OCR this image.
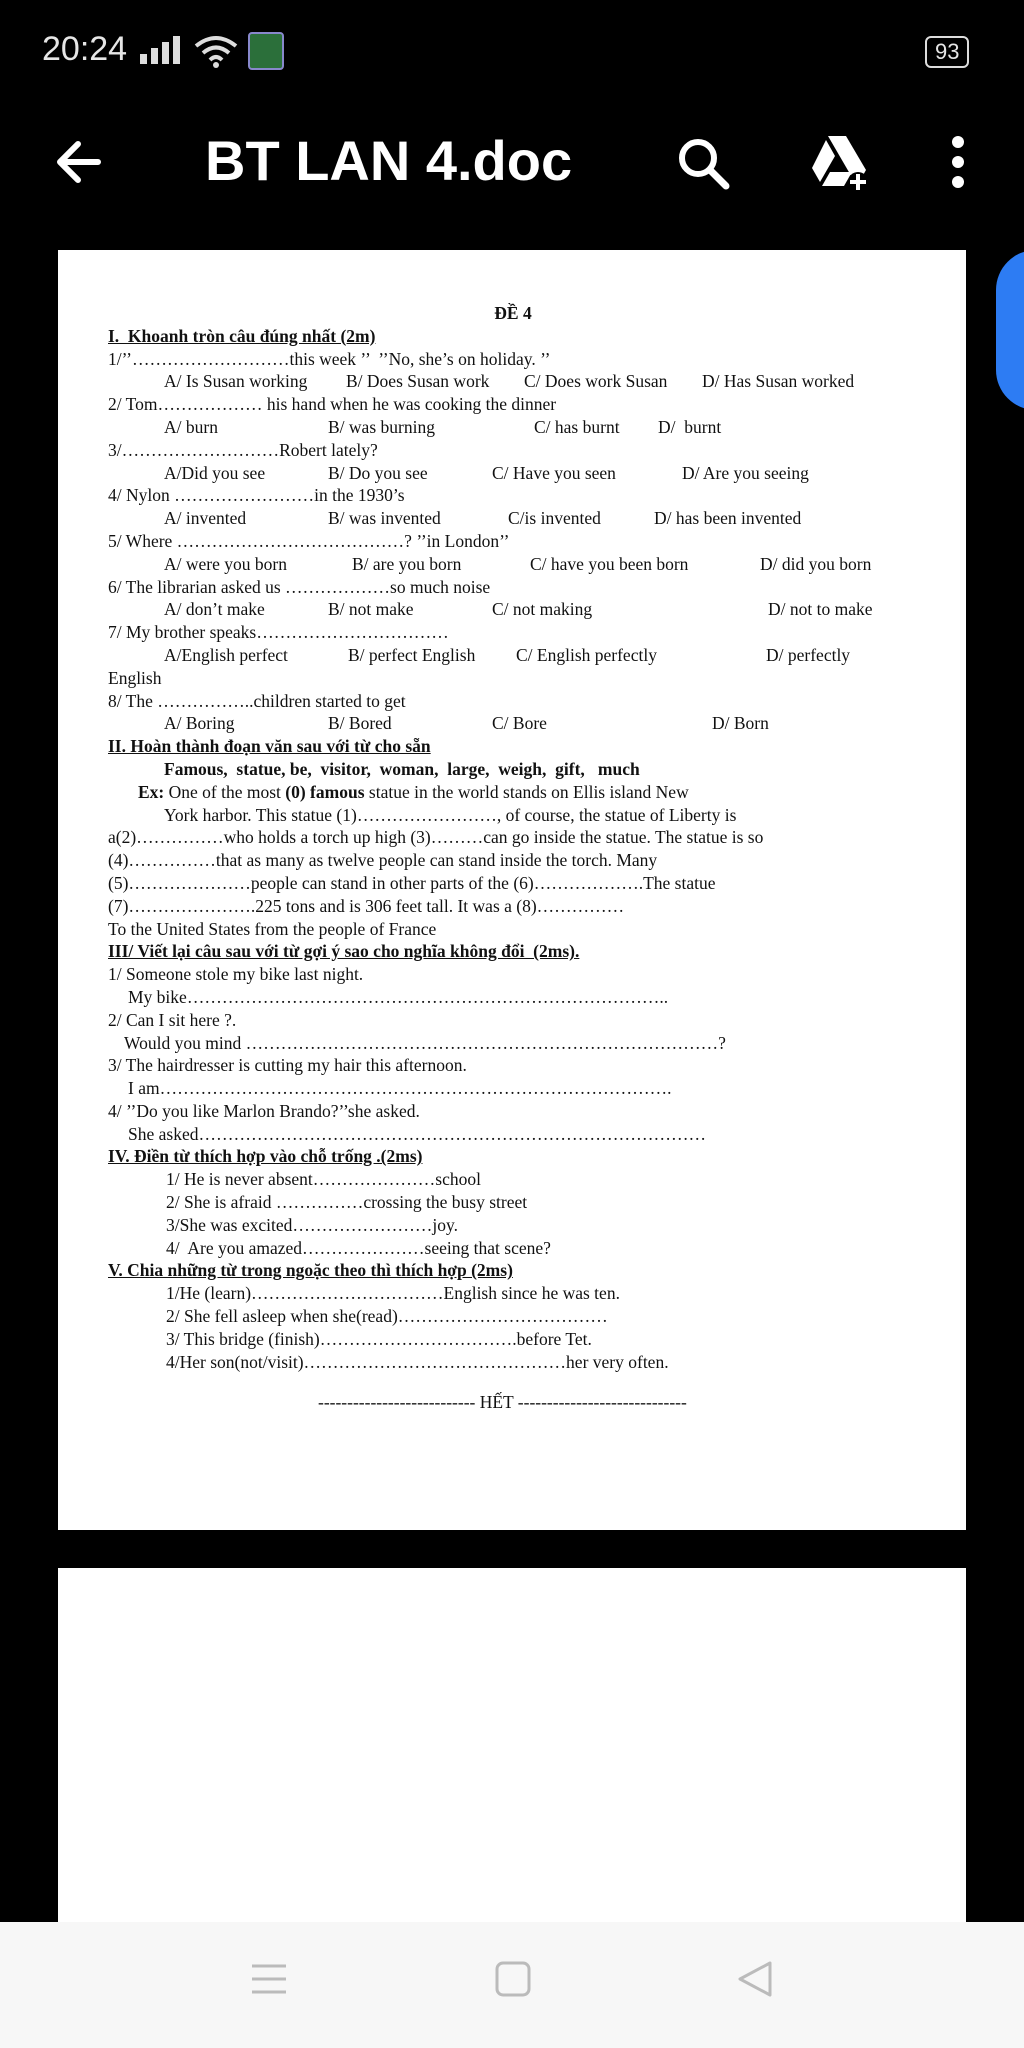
20:24	93
BT LAN 4.doc

ĐỀ 4

I.  Khoanh tròn câu đúng nhất (2m)

1/’’………………………this week ’’  ’’No, she’s on holiday. ’’

A/ Is Susan working	B/ Does Susan work	C/ Does work Susan	D/ Has Susan worked

2/ Tom……………… his hand when he was cooking the dinner

A/ burn	B/ was burning	C/ has burnt	D/  burnt

3/………………………Robert lately?

A/Did you see	B/ Do you see	C/ Have you seen	D/ Are you seeing

4/ Nylon ……………………in the 1930’s

A/ invented	B/ was invented	C/is invented	D/ has been invented

5/ Where …………………………………? ’’in London’’

A/ were you born	B/ are you born	C/ have you been born	D/ did you born

6/ The librarian asked us ………………so much noise

A/ don’t make	B/ not make	C/ not making	D/ not to make

7/ My brother speaks……………………………

A/English perfect	B/ perfect English	C/ English perfectly	D/ perfectly

English

8/ The ……………..children started to get

A/ Boring	B/ Bored	C/ Bore	D/ Born

II. Hoàn thành đoạn văn sau với từ cho sẵn

Famous,  statue, be,  visitor,  woman,  large,  weigh,  gift,   much

Ex: One of the most (0) famous statue in the world stands on Ellis island New

York harbor. This statue (1)……………………, of course, the statue of Liberty is

a(2)……………who holds a torch up high (3)………can go inside the statue. The statue is so

(4)……………that as many as twelve people can stand inside the torch. Many

(5)…………………people can stand in other parts of the (6)……………….The statue

(7)………………….225 tons and is 306 feet tall. It was a (8)……………

To the United States from the people of France

III/ Viết lại câu sau với từ gợi ý sao cho nghĩa không đổi  (2ms).

1/ Someone stole my bike last night.

My bike………………………………………………………………………..

2/ Can I sit here ?.

Would you mind ………………………………………………………………………?

3/ The hairdresser is cutting my hair this afternoon.

I am…………………………………………………………………………….

4/ ’’Do you like Marlon Brando?’’she asked.

She asked……………………………………………………………………………

IV. Điền từ thích hợp vào chỗ trống .(2ms)

1/ He is never absent…………………school

2/ She is afraid ……………crossing the busy street

3/She was excited……………………joy.

4/  Are you amazed…………………seeing that scene?

V. Chia những từ trong ngoặc theo thì thích hợp (2ms)

1/He (learn)……………………………English since he was ten.

2/ She fell asleep when she(read)………………………………

3/ This bridge (finish)…………………………….before Tet.

4/Her son(not/visit)………………………………………her very often.

--------------------------- HẾT -----------------------------
